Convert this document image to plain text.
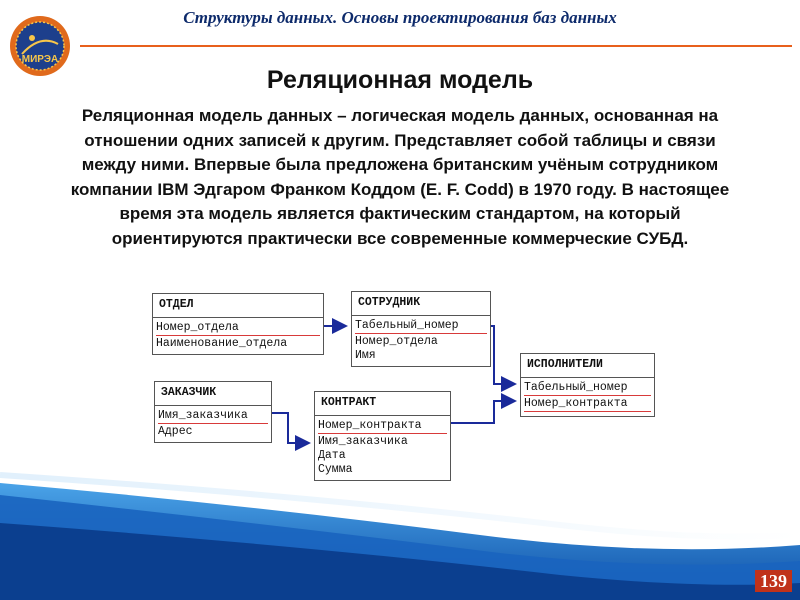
МИРЭА
Структуры данных. Основы проектирования баз данных
Реляционная модель
Реляционная модель данных – логическая модель данных, основанная на отношении одних записей к другим. Представляет собой таблицы и связи между ними. Впервые была предложена британским учёным сотрудником компании IBM Эдгаром Франком Коддом (E. F. Codd) в 1970 году. В настоящее время эта модель является фактическим стандартом, на который ориентируются практически все современные коммерческие СУБД.
ОТДЕЛ
Номер_отдела
Наименование_отдела
СОТРУДНИК
Табельный_номер
Номер_отдела
Имя
ИСПОЛНИТЕЛИ
Табельный_номер
Номер_контракта
ЗАКАЗЧИК
Имя_заказчика
Адрес
КОНТРАКТ
Номер_контракта
Имя_заказчика
Дата
Сумма
139
